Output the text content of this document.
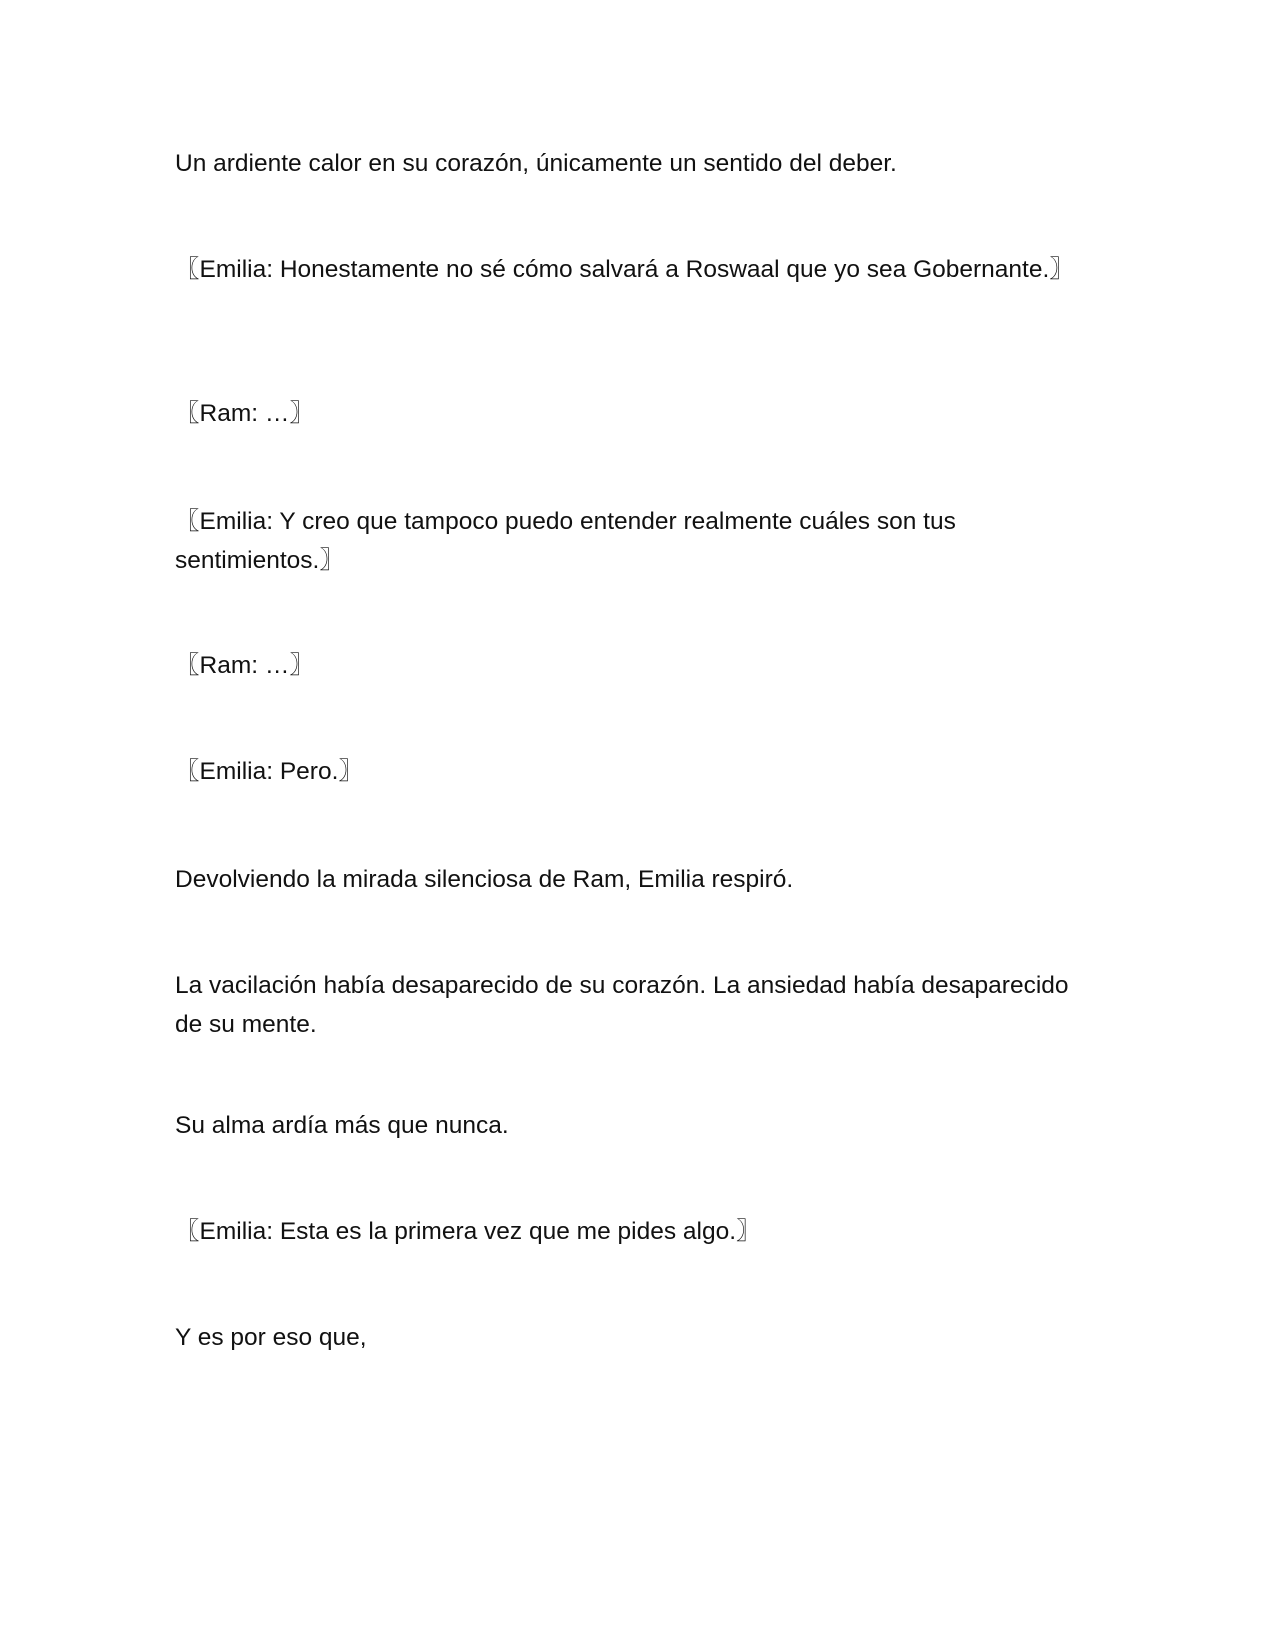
Un ardiente calor en su corazón, únicamente un sentido del deber.

〖Emilia: Honestamente no sé cómo salvará a Roswaal que yo sea Gobernante.〗

〖Ram: …〗

〖Emilia: Y creo que tampoco puedo entender realmente cuáles son tus sentimientos.〗

〖Ram: …〗

〖Emilia: Pero.〗

Devolviendo la mirada silenciosa de Ram, Emilia respiró.

La vacilación había desaparecido de su corazón. La ansiedad había desaparecido de su mente.

Su alma ardía más que nunca.

〖Emilia: Esta es la primera vez que me pides algo.〗

Y es por eso que,
